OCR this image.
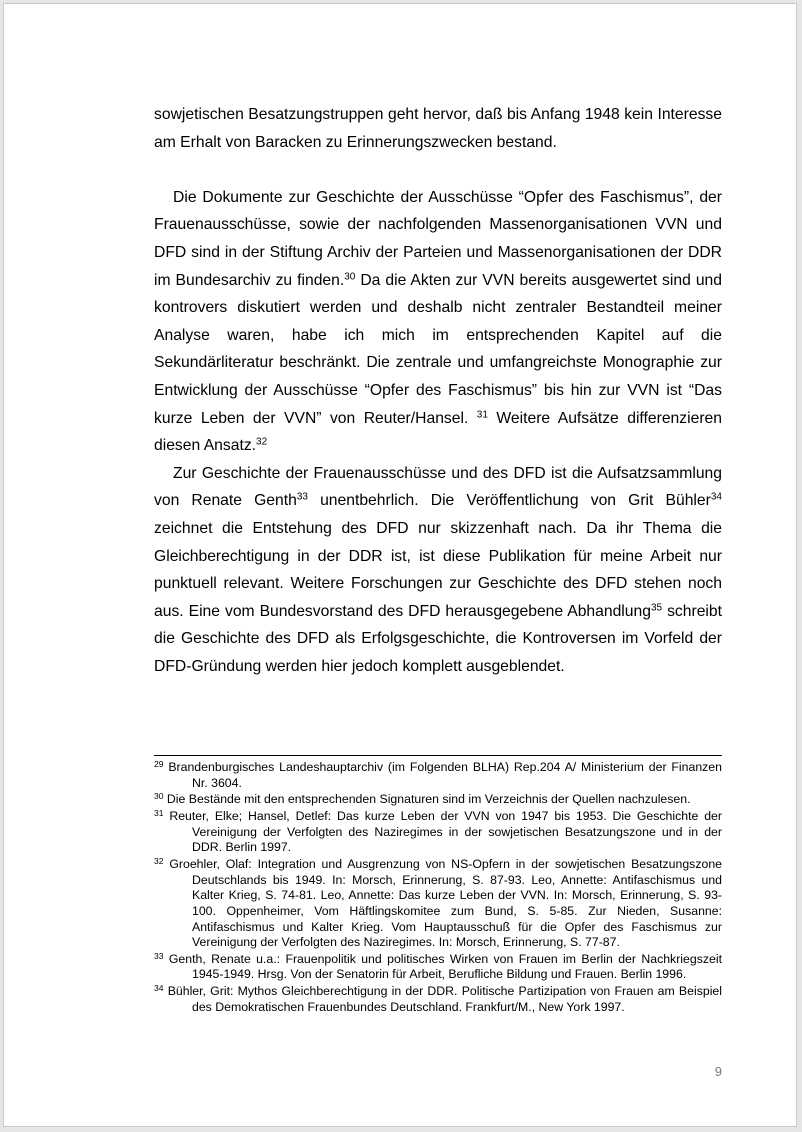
sowjetischen Besatzungstruppen geht hervor, daß bis Anfang 1948 kein Interesse am Erhalt von Baracken zu Erinnerungszwecken bestand.

Die Dokumente zur Geschichte der Ausschüsse “Opfer des Faschismus”, der Frauenausschüsse, sowie der nachfolgenden Massenorganisationen VVN und DFD sind in der Stiftung Archiv der Parteien und Massenorganisationen der DDR im Bundesarchiv zu finden.$^{30}$ Da die Akten zur VVN bereits ausgewertet sind und kontrovers diskutiert werden und deshalb nicht zentraler Bestandteil meiner Analyse waren, habe ich mich im entsprechenden Kapitel auf die Sekundärliteratur beschränkt. Die zentrale und umfangreichste Monographie zur Entwicklung der Ausschüsse “Opfer des Faschismus” bis hin zur VVN ist “Das kurze Leben der VVN” von Reuter/Hansel. $^{31}$ Weitere Aufsätze differenzieren diesen Ansatz.$^{32}$

Zur Geschichte der Frauenausschüsse und des DFD ist die Aufsatzsammlung von Renate Genth$^{33}$ unentbehrlich. Die Veröffentlichung von Grit Bühler$^{34}$ zeichnet die Entstehung des DFD nur skizzenhaft nach. Da ihr Thema die Gleichberechtigung in der DDR ist, ist diese Publikation für meine Arbeit nur punktuell relevant. Weitere Forschungen zur Geschichte des DFD stehen noch aus. Eine vom Bundesvorstand des DFD herausgegebene Abhandlung$^{35}$ schreibt die Geschichte des DFD als Erfolgsgeschichte, die Kontroversen im Vorfeld der DFD-Gründung werden hier jedoch komplett ausgeblendet.

$^{29}$ Brandenburgisches Landeshauptarchiv (im Folgenden BLHA) Rep.204 A/ Ministerium der Finanzen Nr. 3604.

$^{30}$ Die Bestände mit den entsprechenden Signaturen sind im Verzeichnis der Quellen nachzulesen.

$^{31}$ Reuter, Elke; Hansel, Detlef: Das kurze Leben der VVN von 1947 bis 1953. Die Geschichte der Vereinigung der Verfolgten des Naziregimes in der sowjetischen Besatzungszone und in der DDR. Berlin 1997.

$^{32}$ Groehler, Olaf: Integration und Ausgrenzung von NS-Opfern in der sowjetischen Besatzungszone Deutschlands bis 1949. In: Morsch, Erinnerung, S. 87-93. Leo, Annette: Antifaschismus und Kalter Krieg, S. 74-81. Leo, Annette: Das kurze Leben der VVN. In: Morsch, Erinnerung, S. 93-100. Oppenheimer, Vom Häftlingskomitee zum Bund, S. 5-85. Zur Nieden, Susanne: Antifaschismus und Kalter Krieg. Vom Hauptausschuß für die Opfer des Faschismus zur Vereinigung der Verfolgten des Naziregimes. In: Morsch, Erinnerung, S. 77-87.

$^{33}$ Genth, Renate u.a.: Frauenpolitik und politisches Wirken von Frauen im Berlin der Nachkriegszeit 1945-1949. Hrsg. Von der Senatorin für Arbeit, Berufliche Bildung und Frauen. Berlin 1996.

$^{34}$ Bühler, Grit: Mythos Gleichberechtigung in der DDR. Politische Partizipation von Frauen am Beispiel des Demokratischen Frauenbundes Deutschland. Frankfurt/M., New York 1997.

9
